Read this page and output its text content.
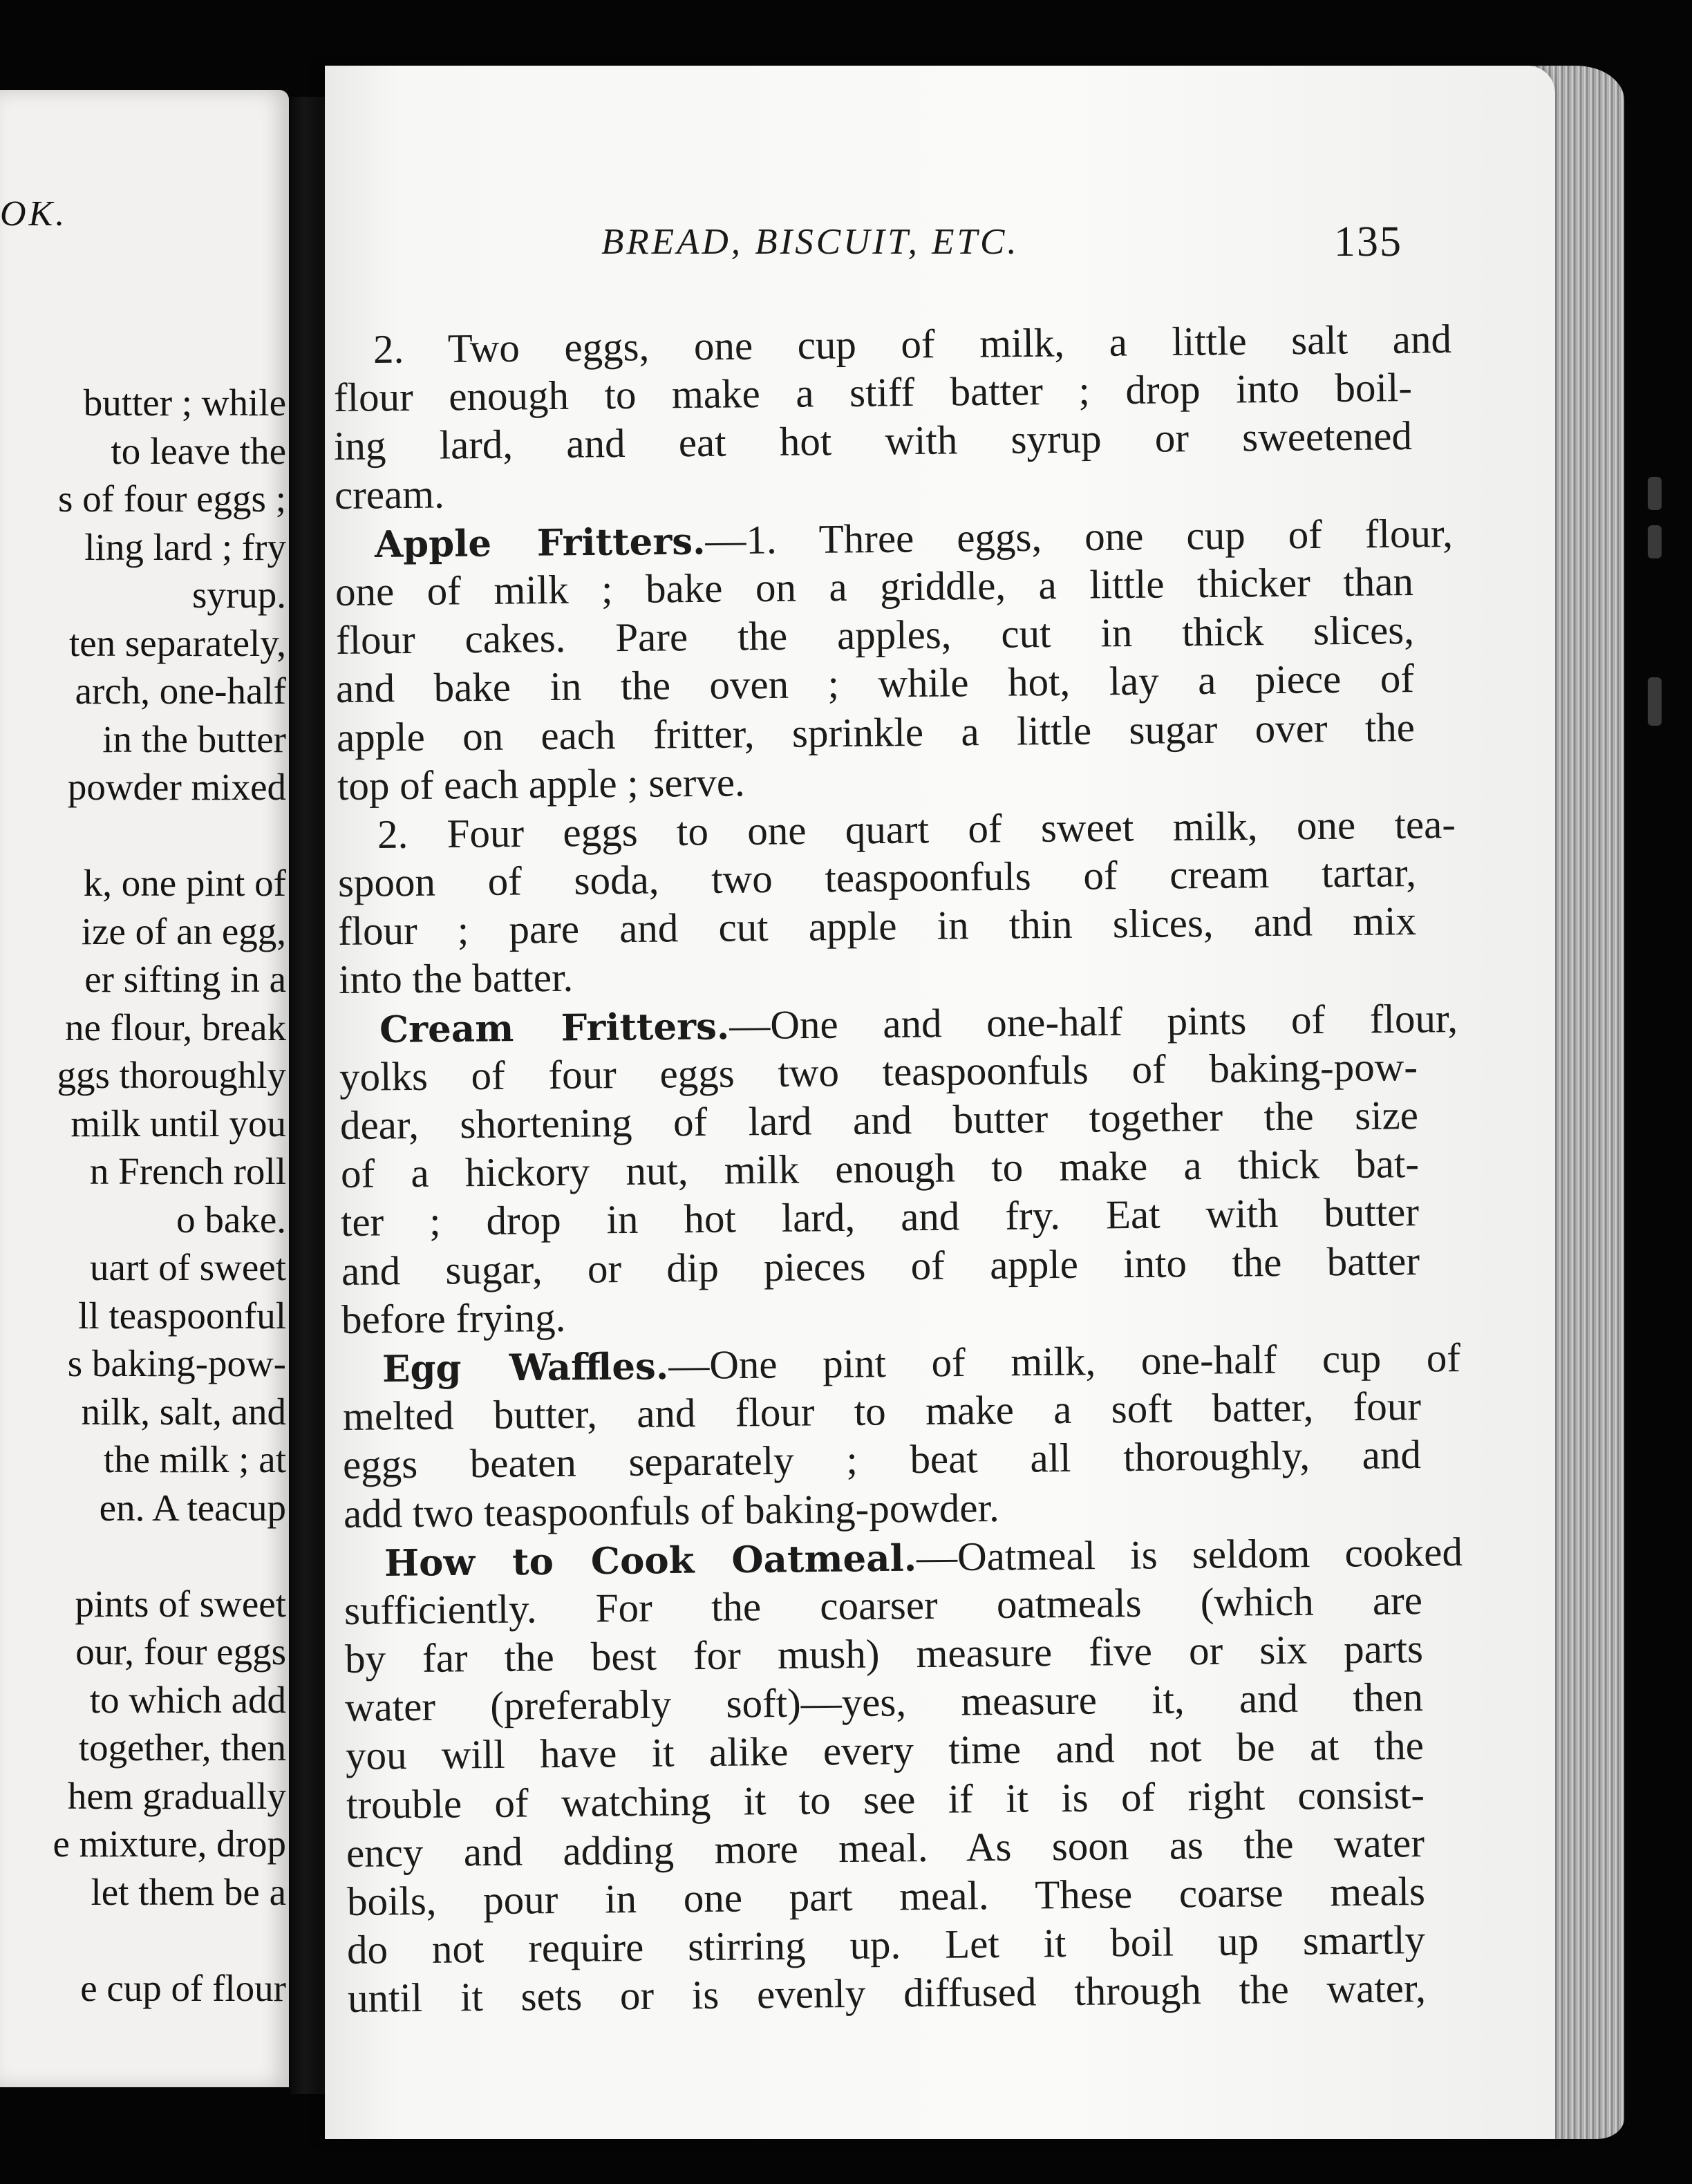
OK.
butter ; while
to leave the
s of four eggs ;
ling lard ; fry
syrup.
ten separately,
arch, one-half
in the butter
powder mixed
k, one pint of
ize of an egg,
er sifting in a
ne flour, break
ggs thoroughly
milk until you
n French roll
o bake.
uart of sweet
ll teaspoonful
s baking-pow-
nilk, salt, and
the milk ; at
en. A teacup
pints of sweet
our, four eggs
to which add
together, then
hem gradually
e mixture, drop
let them be a
e cup of flour
BREAD, BISCUIT, ETC.	135
2. Two eggs, one cup of milk, a little salt and
flour enough to make a stiff batter ; drop into boil-
ing lard, and eat hot with syrup or sweetened
cream.
Apple Fritters.—1. Three eggs, one cup of flour,
one of milk ; bake on a griddle, a little thicker than
flour cakes. Pare the apples, cut in thick slices,
and bake in the oven ; while hot, lay a piece of
apple on each fritter, sprinkle a little sugar over the
top of each apple ; serve.
2. Four eggs to one quart of sweet milk, one tea-
spoon of soda, two teaspoonfuls of cream tartar,
flour ; pare and cut apple in thin slices, and mix
into the batter.
Cream Fritters.—One and one-half pints of flour,
yolks of four eggs two teaspoonfuls of baking-pow-
dear, shortening of lard and butter together the size
of a hickory nut, milk enough to make a thick bat-
ter ; drop in hot lard, and fry. Eat with butter
and sugar, or dip pieces of apple into the batter
before frying.
Egg Waffles.—One pint of milk, one-half cup of
melted butter, and flour to make a soft batter, four
eggs beaten separately ; beat all thoroughly, and
add two teaspoonfuls of baking-powder.
How to Cook Oatmeal.—Oatmeal is seldom cooked
sufficiently. For the coarser oatmeals (which are
by far the best for mush) measure five or six parts
water (preferably soft)—yes, measure it, and then
you will have it alike every time and not be at the
trouble of watching it to see if it is of right consist-
ency and adding more meal. As soon as the water
boils, pour in one part meal. These coarse meals
do not require stirring up. Let it boil up smartly
until it sets or is evenly diffused through the water,
